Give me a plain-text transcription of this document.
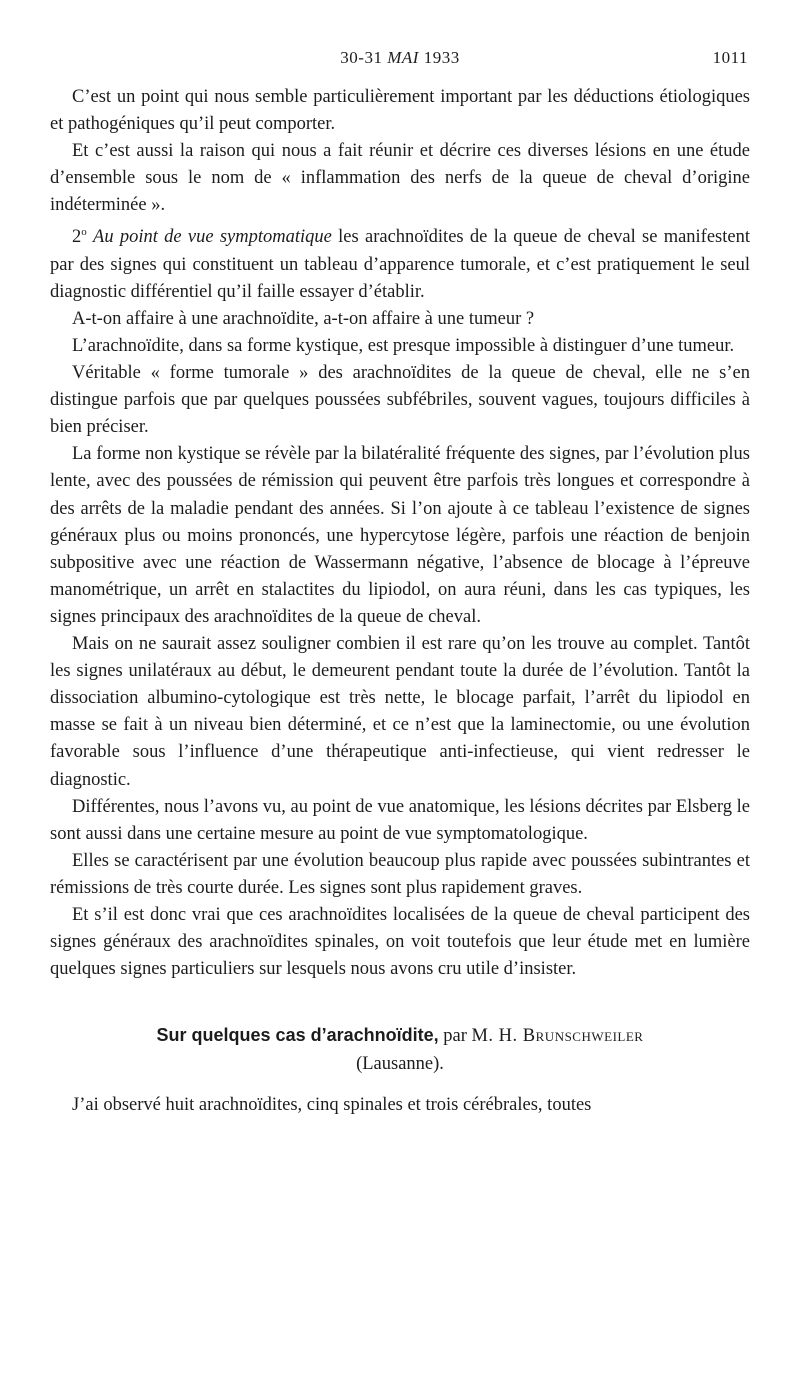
30-31 MAI 1933	1011

C’est un point qui nous semble particulièrement important par les déductions étiologiques et pathogéniques qu’il peut comporter.

Et c’est aussi la raison qui nous a fait réunir et décrire ces diverses lésions en une étude d’ensemble sous le nom de « inflammation des nerfs de la queue de cheval d’origine indéterminée ».

2$^o$ Au point de vue symptomatique les arachnoïdites de la queue de cheval se manifestent par des signes qui constituent un tableau d’apparence tumorale, et c’est pratiquement le seul diagnostic différentiel qu’il faille essayer d’établir.

A-t-on affaire à une arachnoïdite, a-t-on affaire à une tumeur ?

L’arachnoïdite, dans sa forme kystique, est presque impossible à distinguer d’une tumeur.

Véritable « forme tumorale » des arachnoïdites de la queue de cheval, elle ne s’en distingue parfois que par quelques poussées subfébriles, souvent vagues, toujours difficiles à bien préciser.

La forme non kystique se révèle par la bilatéralité fréquente des signes, par l’évolution plus lente, avec des poussées de rémission qui peuvent être parfois très longues et correspondre à des arrêts de la maladie pendant des années. Si l’on ajoute à ce tableau l’existence de signes généraux plus ou moins prononcés, une hypercytose légère, parfois une réaction de benjoin subpositive avec une réaction de Wassermann négative, l’absence de blocage à l’épreuve manométrique, un arrêt en stalactites du lipiodol, on aura réuni, dans les cas typiques, les signes principaux des arachnoïdites de la queue de cheval.

Mais on ne saurait assez souligner combien il est rare qu’on les trouve au complet. Tantôt les signes unilatéraux au début, le demeurent pendant toute la durée de l’évolution. Tantôt la dissociation albumino-cytologique est très nette, le blocage parfait, l’arrêt du lipiodol en masse se fait à un niveau bien déterminé, et ce n’est que la laminectomie, ou une évolution favorable sous l’influence d’une thérapeutique anti-infectieuse, qui vient redresser le diagnostic.

Différentes, nous l’avons vu, au point de vue anatomique, les lésions décrites par Elsberg le sont aussi dans une certaine mesure au point de vue symptomatologique.

Elles se caractérisent par une évolution beaucoup plus rapide avec poussées subintrantes et rémissions de très courte durée. Les signes sont plus rapidement graves.

Et s’il est donc vrai que ces arachnoïdites localisées de la queue de cheval participent des signes généraux des arachnoïdites spinales, on voit toutefois que leur étude met en lumière quelques signes particuliers sur lesquels nous avons cru utile d’insister.

Sur quelques cas d’arachnoïdite, par M. H. Brunschweiler
(Lausanne).

J’ai observé huit arachnoïdites, cinq spinales et trois cérébrales, toutes
